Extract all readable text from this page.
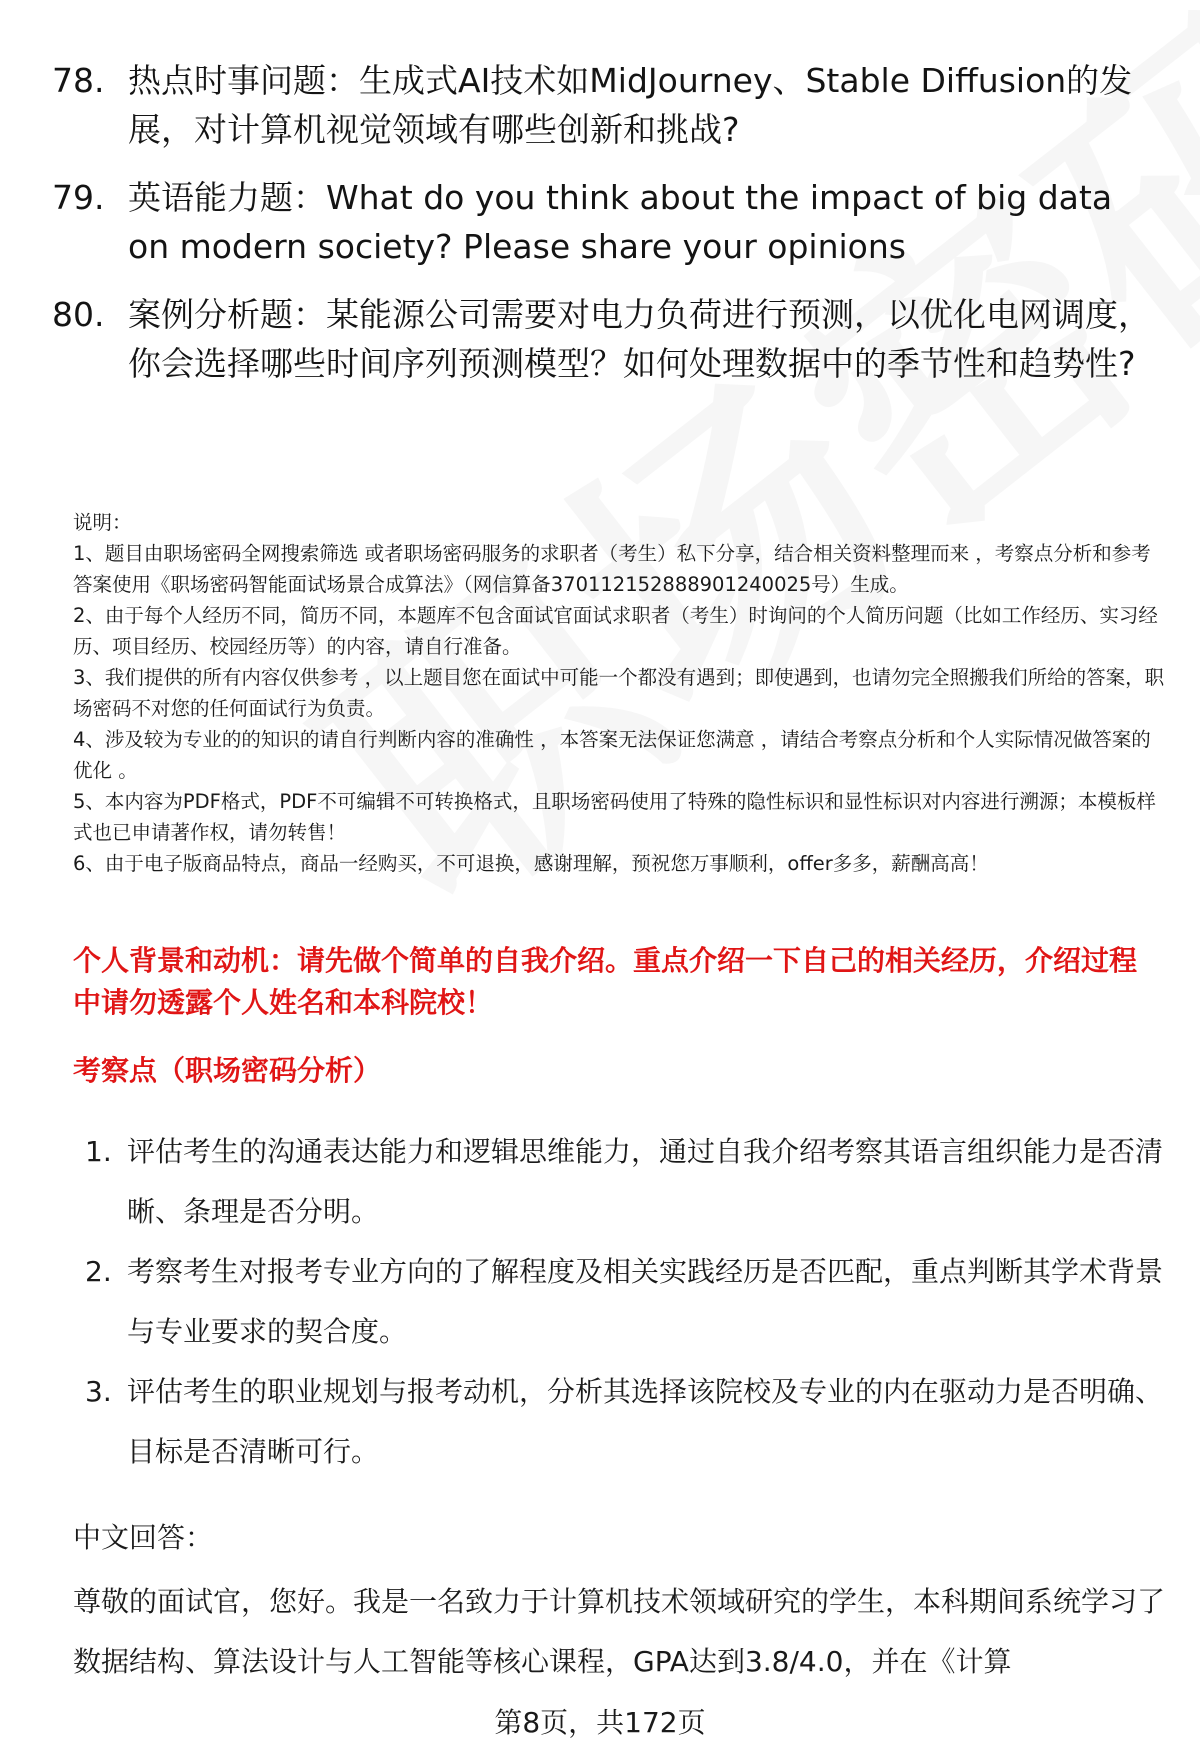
78. 热点时事问题：生成式AI技术如MidJourney、Stable Diffusion的发展，对计算机视觉领域有哪些创新和挑战?
79. 英语能力题：What do you think about the impact of big data on modern society? Please share your opinions
80. 案例分析题：某能源公司需要对电力负荷进行预测，以优化电网调度，你会选择哪些时间序列预测模型？如何处理数据中的季节性和趋势性?

说明：

1、题目由职场密码全网搜索筛选 或者职场密码服务的求职者（考生）私下分享，结合相关资料整理而来 ，考察点分析和参考答案使用《职场密码智能面试场景合成算法》（网信算备370112152888901240025号）生成。

2、由于每个人经历不同，简历不同，本题库不包含面试官面试求职者（考生）时询问的个人简历问题（比如工作经历、实习经历、项目经历、校园经历等）的内容，请自行准备。

3、我们提供的所有内容仅供参考 ，以上题目您在面试中可能一个都没有遇到；即使遇到，也请勿完全照搬我们所给的答案，职场密码不对您的任何面试行为负责。

4、涉及较为专业的的知识的请自行判断内容的准确性 ，本答案无法保证您满意 ，请结合考察点分析和个人实际情况做答案的优化 。

5、本内容为PDF格式，PDF不可编辑不可转换格式，且职场密码使用了特殊的隐性标识和显性标识对内容进行溯源；本模板样式也已申请著作权，请勿转售！

6、由于电子版商品特点，商品一经购买，不可退换，感谢理解，预祝您万事顺利，offer多多，薪酬高高！

个人背景和动机：请先做个简单的自我介绍。重点介绍一下自己的相关经历，介绍过程中请勿透露个人姓名和本科院校！
考察点（职场密码分析）
1. 评估考生的沟通表达能力和逻辑思维能力，通过自我介绍考察其语言组织能力是否清晰、条理是否分明。
2. 考察考生对报考专业方向的了解程度及相关实践经历是否匹配，重点判断其学术背景与专业要求的契合度。
3. 评估考生的职业规划与报考动机，分析其选择该院校及专业的内在驱动力是否明确、目标是否清晰可行。
中文回答：
尊敬的面试官，您好。我是一名致力于计算机技术领域研究的学生，本科期间系统学习了数据结构、算法设计与人工智能等核心课程，GPA达到3.8/4.0，并在《计算
第8页，共172页
